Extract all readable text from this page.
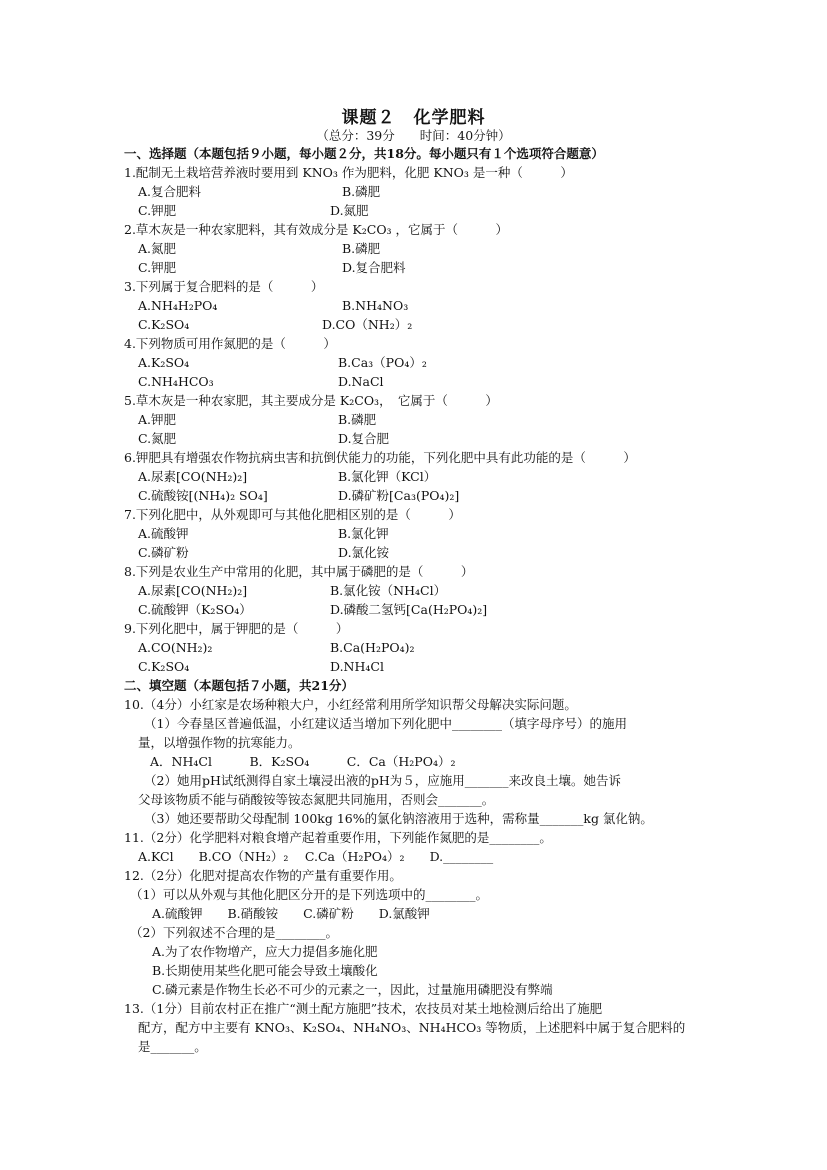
课题２　化学肥料
（总分：39分　　时间：40分钟）
一、选择题（本题包括９小题，每小题２分，共18分。每小题只有１个选项符合题意）
1.配制无土栽培营养液时要用到 KNO₃ 作为肥料，化肥 KNO₃ 是一种（　　　）
A.复合肥料	B.磷肥
C.钾肥	D.氮肥
2.草木灰是一种农家肥料，其有效成分是 K₂CO₃ ，它属于（　　　）
A.氮肥	B.磷肥
C.钾肥	D.复合肥料
3.下列属于复合肥料的是（　　　）
A.NH₄H₂PO₄	B.NH₄NO₃
C.K₂SO₄	D.CO（NH₂）₂
4.下列物质可用作氮肥的是（　　　）
A.K₂SO₄	B.Ca₃（PO₄）₂
C.NH₄HCO₃	D.NaCl
5.草木灰是一种农家肥，其主要成分是 K₂CO₃，　它属于（　　　）
A.钾肥	B.磷肥
C.氮肥	D.复合肥
6.钾肥具有增强农作物抗病虫害和抗倒伏能力的功能，下列化肥中具有此功能的是（　　　）
A.尿素[CO(NH₂)₂]	B.氯化钾（KCl）
C.硫酸铵[(NH₄)₂ SO₄]	D.磷矿粉[Ca₃(PO₄)₂]
7.下列化肥中，从外观即可与其他化肥相区别的是（　　　）
A.硫酸钾	B.氯化钾
C.磷矿粉	D.氯化铵
8.下列是农业生产中常用的化肥，其中属于磷肥的是（　　　）
A.尿素[CO(NH₂)₂]	B.氯化铵（NH₄Cl）
C.硫酸钾（K₂SO₄）	D.磷酸二氢钙[Ca(H₂PO₄)₂]
9.下列化肥中，属于钾肥的是（　　　）
A.CO(NH₂)₂	B.Ca(H₂PO₄)₂
C.K₂SO₄	D.NH₄Cl
二、填空题（本题包括７小题，共21分）
10.（4分）小红家是农场种粮大户，小红经常利用所学知识帮父母解决实际问题。
（1）今春垦区普遍低温，小红建议适当增加下列化肥中________（填字母序号）的施用
量，以增强作物的抗寒能力。
A．NH₄Cl　　　B．K₂SO₄　　　C．Ca（H₂PO₄）₂
（2）她用pH试纸测得自家土壤浸出液的pH为５，应施用_______来改良土壤。她告诉
父母该物质不能与硝酸铵等铵态氮肥共同施用，否则会_______。
（3）她还要帮助父母配制 100kg 16%的氯化钠溶液用于选种，需称量_______kg 氯化钠。
11.（2分）化学肥料对粮食增产起着重要作用，下列能作氮肥的是________。
A.KCl　　B.CO（NH₂）₂　 C.Ca（H₂PO₄）₂　　D.________
12.（2分）化肥对提高农作物的产量有重要作用。
（1）可以从外观与其他化肥区分开的是下列选项中的________。
A.硫酸钾　　B.硝酸铵　　C.磷矿粉　　D.氯酸钾
（2）下列叙述不合理的是________。
A.为了农作物增产，应大力提倡多施化肥
B.长期使用某些化肥可能会导致土壤酸化
C.磷元素是作物生长必不可少的元素之一，因此，过量施用磷肥没有弊端
13.（1分）目前农村正在推广“测土配方施肥”技术，农技员对某土地检测后给出了施肥
配方，配方中主要有 KNO₃、K₂SO₄、NH₄NO₃、NH₄HCO₃ 等物质，上述肥料中属于复合肥料的
是_______。
